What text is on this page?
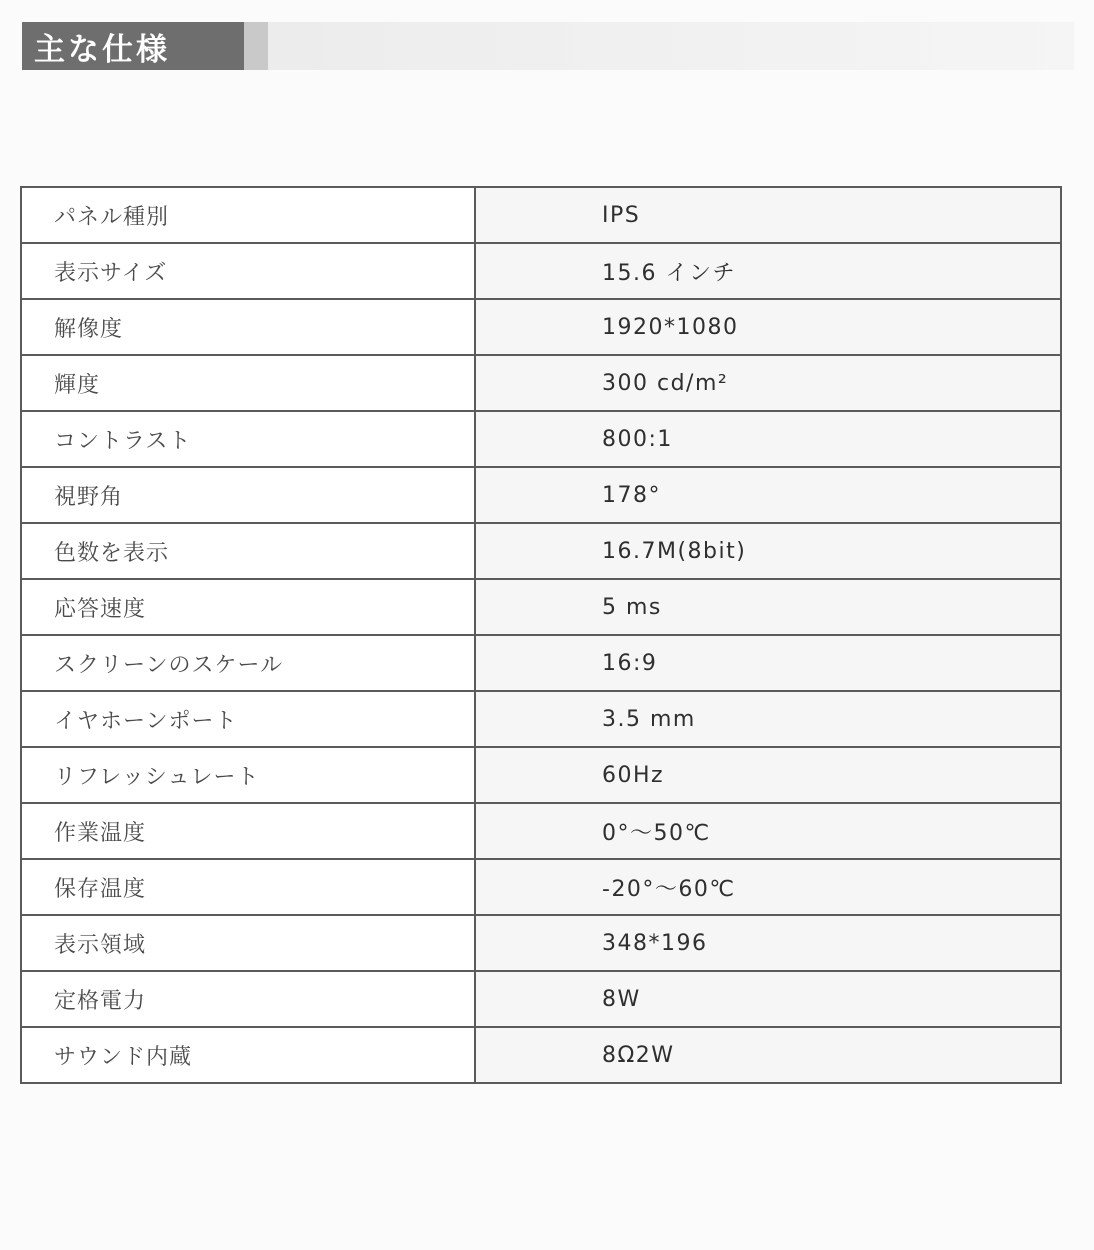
主な仕様
パネル種別	IPS
表示サイズ	15.6 インチ
解像度	1920*1080
輝度	300 cd/m²
コントラスト	800:1
視野角	178°
色数を表示	16.7M(8bit)
応答速度	5 ms
スクリーンのスケール	16:9
イヤホーンポート	3.5 mm
リフレッシュレート	60Hz
作業温度	0°～50℃
保存温度	-20°～60℃
表示領域	348*196
定格電力	8W
サウンド内蔵	8Ω2W
